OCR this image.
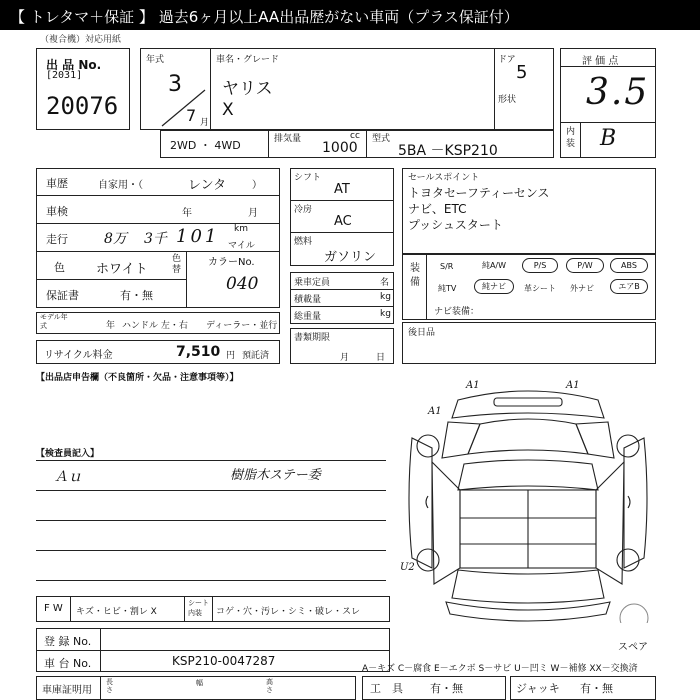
【 トレタマ＋保証 】 過去6ヶ月以上AA出品歴がない車両（プラス保証付）
（複合機）対応用紙
出 品 No.
[2031]
20076
年式
3
7 月
車名・グレード
ヤリス
X
ドア
5
形状
評 価 点
3.5
内装 B
2WD ・ 4WD	排気量	cc
1000
型式
5BA －KSP210
車歴	自家用・（	レンタ	）
車検	年	月
走行	8万 3千 101 km
マイル
色 ホワイト
色替
カラーNo.
040
保証書	有・無
モデル年式	年 ハンドル 左・右 ディーラー・並行
リサイクル料金	7,510 円 預託済
シフト
AT
冷房
AC
燃料
ガソリン
乗車定員	名
積載量	kg
総重量	kg
書類期限
月	日
セールスポイント
トヨタセーフティーセンス
ナビ、ETC
プッシュスタート
装備
S/R	純A/W	P/S	P/W	ABS
純TV	純ナビ	革シート 外ナビ	エアB
ナビ装備：
後日品
【出品店申告欄（不良箇所・欠品・注意事項等）】
【検査員記入】
Ａｕ	樹脂木ステー委
A1	A1
A1
U2
スペア
F W キズ・ヒビ・割レ X
シート内装	コゲ・穴・汚レ・シミ・破レ・スレ
登 録 No.
車 台 No.	KSP210-0047287
A－キズ C－腐食 E－エクボ S－サビ U－凹ミ W－補修 XX－交換済
車庫証明用
長さ
幅	高さ	工　具 有・無	ジャッキ 有・無
